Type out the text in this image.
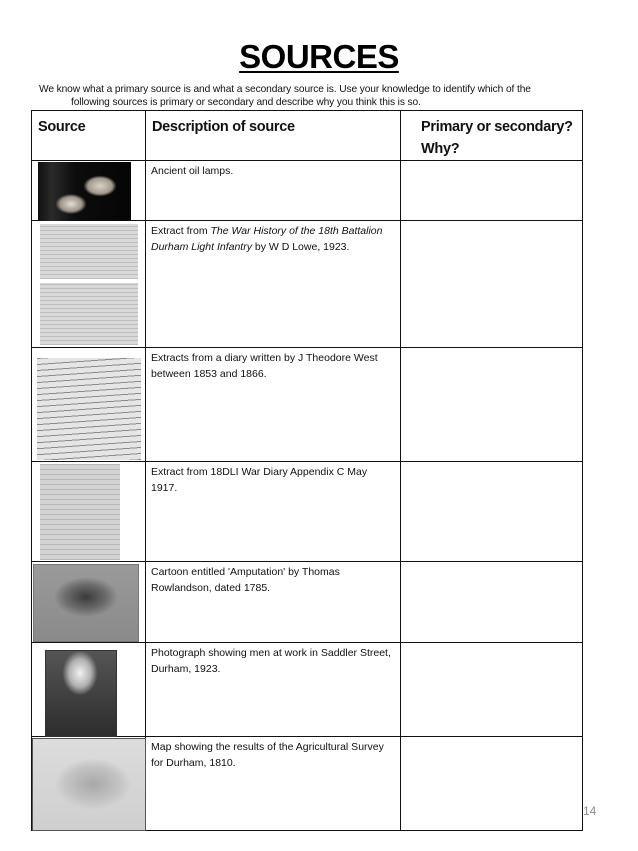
SOURCES
We know what a primary source is and what a secondary source is. Use your knowledge to identify which of the
following sources is primary or secondary and describe why you think this is so.
Source	Description of source	Primary or secondary?
Why?

	Ancient oil lamps.	

	Extract from The War History of the 18th Battalion Durham Light Infantry by W D Lowe, 1923.	

	Extracts from a diary written by J Theodore West between 1853 and 1866.	

	Extract from 18DLI War Diary Appendix C May 1917.	

	Cartoon entitled 'Amputation' by Thomas Rowlandson, dated 1785.	

	Photograph showing men at work in Saddler Street, Durham, 1923.	

	Map showing the results of the Agricultural Survey for Durham, 1810.	
14
